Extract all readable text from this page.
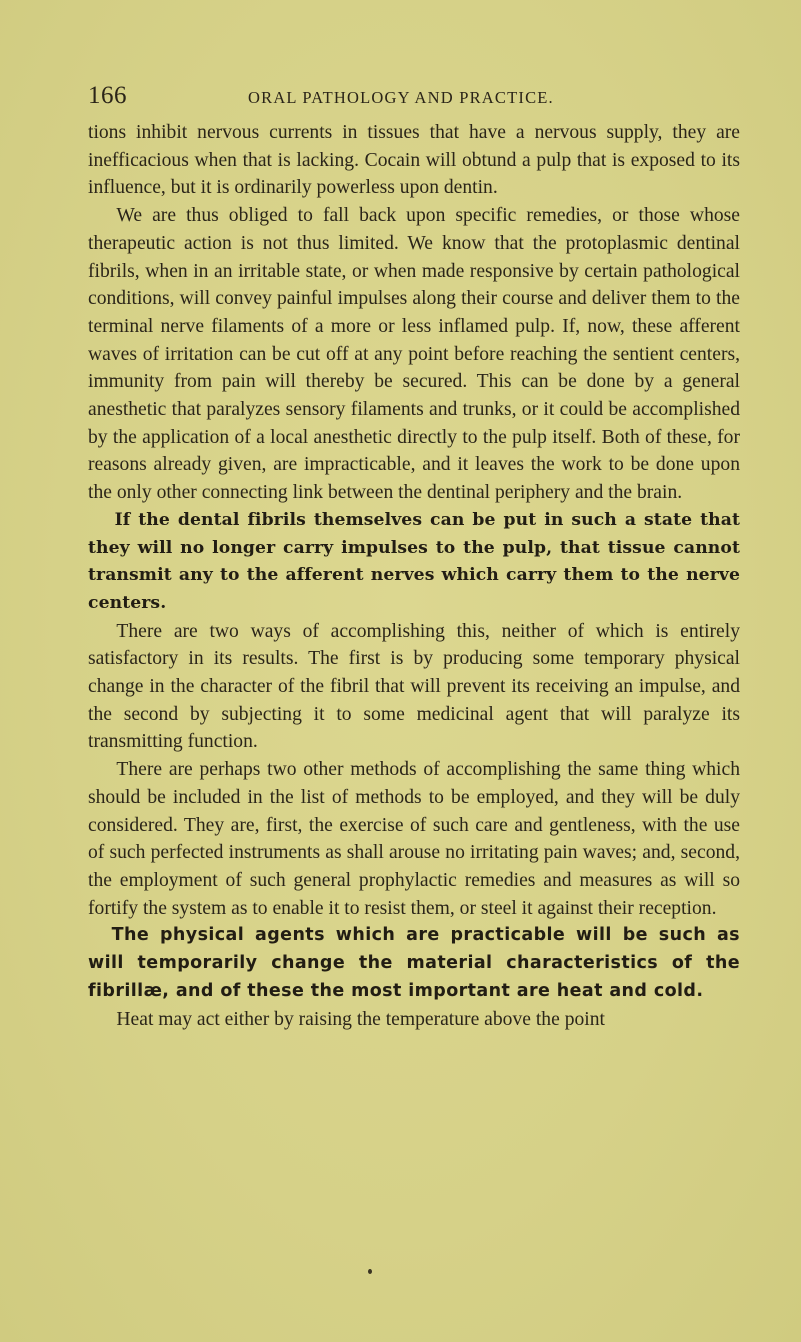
166	ORAL PATHOLOGY AND PRACTICE.

tions inhibit nervous currents in tissues that have a nervous supply, they are inefficacious when that is lacking. Cocain will obtund a pulp that is exposed to its influence, but it is ordinarily powerless upon dentin.

We are thus obliged to fall back upon specific remedies, or those whose therapeutic action is not thus limited. We know that the protoplasmic dentinal fibrils, when in an irritable state, or when made responsive by certain pathological conditions, will convey painful impulses along their course and deliver them to the terminal nerve filaments of a more or less inflamed pulp. If, now, these afferent waves of irritation can be cut off at any point before reaching the sentient centers, immunity from pain will thereby be secured. This can be done by a general anesthetic that paralyzes sensory filaments and trunks, or it could be accomplished by the application of a local anesthetic directly to the pulp itself. Both of these, for reasons already given, are impracticable, and it leaves the work to be done upon the only other connecting link between the dentinal periphery and the brain.

If the dental fibrils themselves can be put in such a state that they will no longer carry impulses to the pulp, that tissue cannot transmit any to the afferent nerves which carry them to the nerve centers.

There are two ways of accomplishing this, neither of which is entirely satisfactory in its results. The first is by producing some temporary physical change in the character of the fibril that will prevent its receiving an impulse, and the second by subjecting it to some medicinal agent that will paralyze its transmitting function.

There are perhaps two other methods of accomplishing the same thing which should be included in the list of methods to be employed, and they will be duly considered. They are, first, the exercise of such care and gentleness, with the use of such perfected instruments as shall arouse no irritating pain waves; and, second, the employment of such general prophylactic remedies and measures as will so fortify the system as to enable it to resist them, or steel it against their reception.

The physical agents which are practicable will be such as will temporarily change the material characteristics of the fibrillæ, and of these the most important are heat and cold.

Heat may act either by raising the temperature above the point
